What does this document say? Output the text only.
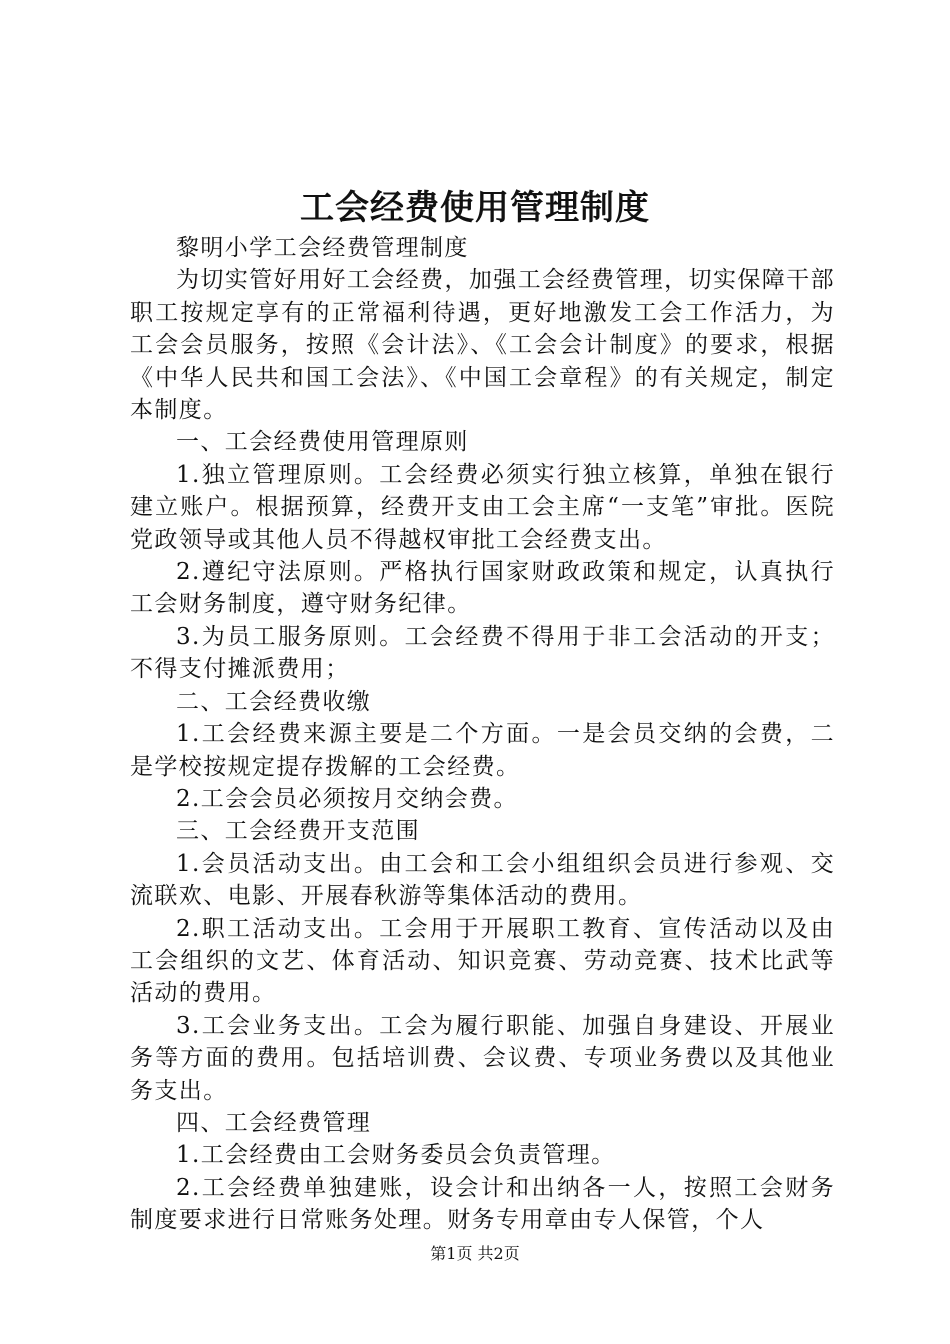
工会经费使用管理制度

黎明小学工会经费管理制度

为切实管好用好工会经费，加强工会经费管理，切实保障干部职工按规定享有的正常福利待遇，更好地激发工会工作活力，为工会会员服务，按照《会计法》、《工会会计制度》的要求，根据《中华人民共和国工会法》、《中国工会章程》的有关规定，制定本制度。

一、工会经费使用管理原则

1.独立管理原则。工会经费必须实行独立核算，单独在银行建立账户。根据预算，经费开支由工会主席“一支笔”审批。医院党政领导或其他人员不得越权审批工会经费支出。

2.遵纪守法原则。严格执行国家财政政策和规定，认真执行工会财务制度，遵守财务纪律。

3.为员工服务原则。工会经费不得用于非工会活动的开支；不得支付摊派费用；

二、工会经费收缴

1.工会经费来源主要是二个方面。一是会员交纳的会费，二是学校按规定提存拨解的工会经费。

2.工会会员必须按月交纳会费。

三、工会经费开支范围

1.会员活动支出。由工会和工会小组组织会员进行参观、交流联欢、电影、开展春秋游等集体活动的费用。

2.职工活动支出。工会用于开展职工教育、宣传活动以及由工会组织的文艺、体育活动、知识竞赛、劳动竞赛、技术比武等活动的费用。

3.工会业务支出。工会为履行职能、加强自身建设、开展业务等方面的费用。包括培训费、会议费、专项业务费以及其他业务支出。

四、工会经费管理

1.工会经费由工会财务委员会负责管理。

2.工会经费单独建账，设会计和出纳各一人，按照工会财务制度要求进行日常账务处理。财务专用章由专人保管，个人

第1页 共2页
